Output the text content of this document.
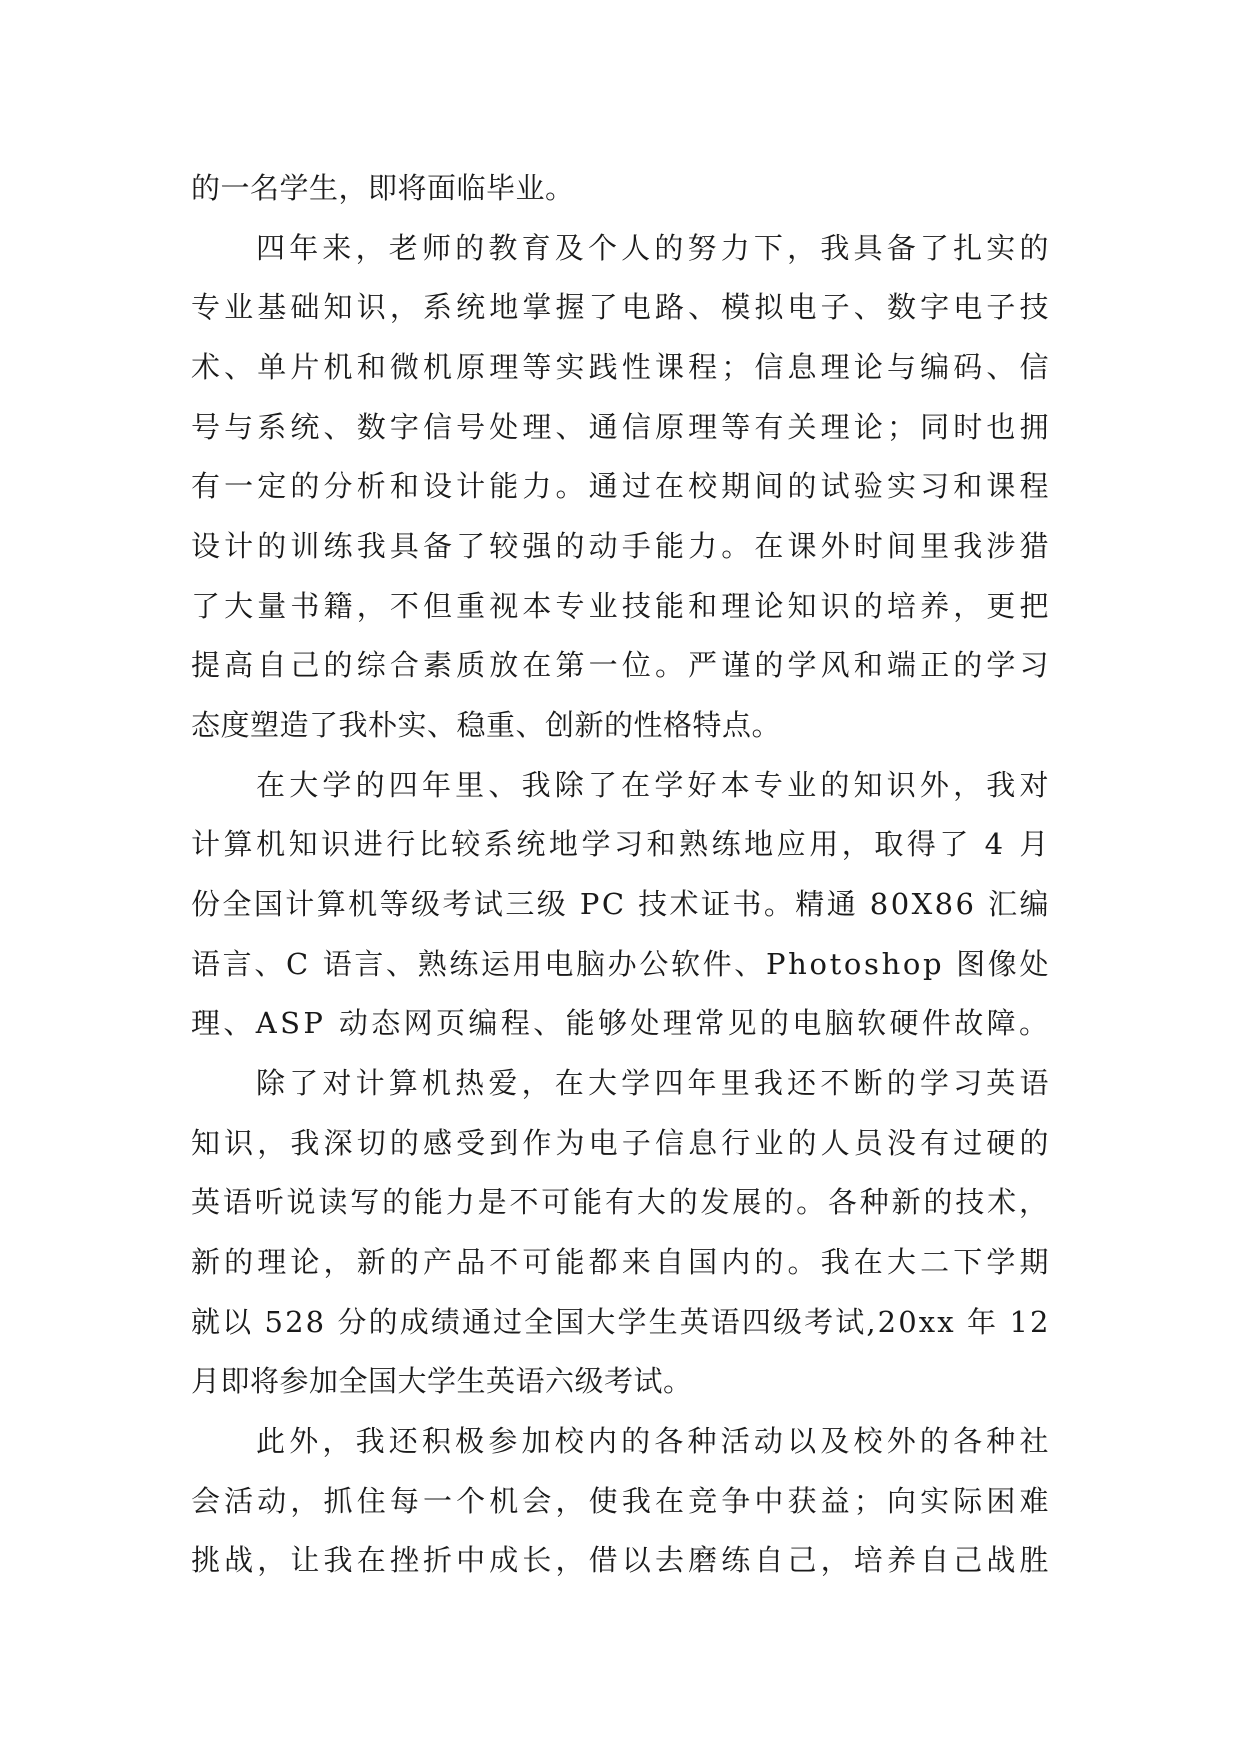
的一名学生，即将面临毕业。
四年来，老师的教育及个人的努力下，我具备了扎实的
专业基础知识，系统地掌握了电路、模拟电子、数字电子技
术、单片机和微机原理等实践性课程；信息理论与编码、信
号与系统、数字信号处理、通信原理等有关理论；同时也拥
有一定的分析和设计能力。通过在校期间的试验实习和课程
设计的训练我具备了较强的动手能力。在课外时间里我涉猎
了大量书籍，不但重视本专业技能和理论知识的培养，更把
提高自己的综合素质放在第一位。严谨的学风和端正的学习
态度塑造了我朴实、稳重、创新的性格特点。
在大学的四年里、我除了在学好本专业的知识外，我对
计算机知识进行比较系统地学习和熟练地应用，取得了 4 月
份全国计算机等级考试三级 PC 技术证书。精通 80X86 汇编
语言、C 语言、熟练运用电脑办公软件、Photoshop 图像处
理、ASP 动态网页编程、能够处理常见的电脑软硬件故障。
除了对计算机热爱，在大学四年里我还不断的学习英语
知识，我深切的感受到作为电子信息行业的人员没有过硬的
英语听说读写的能力是不可能有大的发展的。各种新的技术，
新的理论，新的产品不可能都来自国内的。我在大二下学期
就以 528 分的成绩通过全国大学生英语四级考试,20xx 年 12
月即将参加全国大学生英语六级考试。
此外，我还积极参加校内的各种活动以及校外的各种社
会活动，抓住每一个机会，使我在竞争中获益；向实际困难
挑战，让我在挫折中成长，借以去磨练自己，培养自己战胜
